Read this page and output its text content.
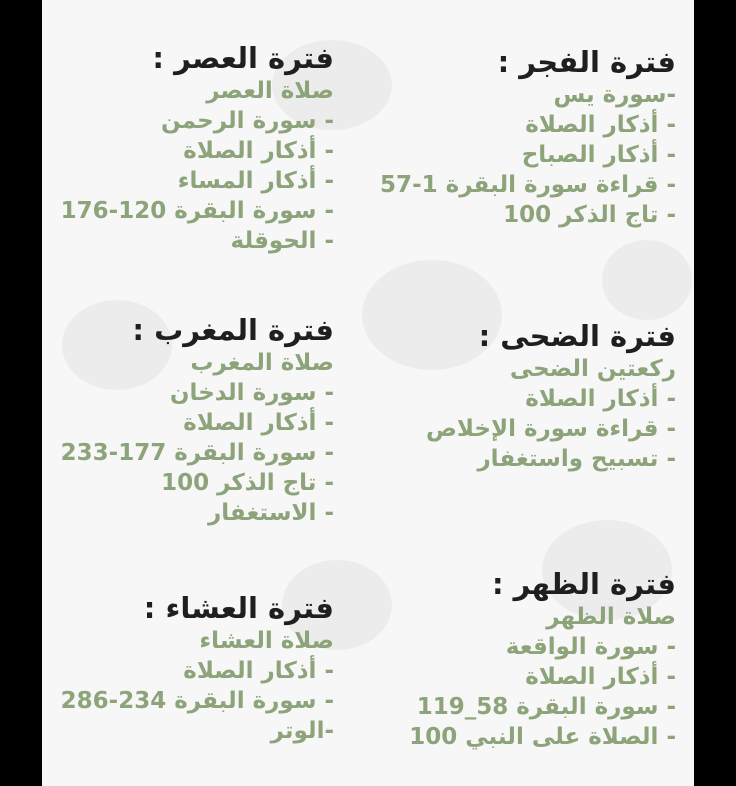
فترة الفجر :
-سورة يس
- أذكار الصلاة
- أذكار الصباح
- قراءة سورة البقرة 1-57
- تاج الذكر 100
فترة الضحى :
ركعتين الضحى
- أذكار الصلاة
- قراءة سورة الإخلاص
- تسبيح واستغفار
فترة الظهر :
صلاة الظهر
- سورة الواقعة
- أذكار الصلاة
- سورة البقرة 58_119
- الصلاة على النبي 100
فترة العصر :
صلاة العصر
- سورة الرحمن
- أذكار الصلاة
- أذكار المساء
- سورة البقرة 120-176
- الحوقلة
فترة المغرب :
صلاة المغرب
- سورة الدخان
- أذكار الصلاة
- سورة البقرة 177-233
- تاج الذكر 100
- الاستغفار
فترة العشاء :
صلاة العشاء
- أذكار الصلاة
- سورة البقرة 234-286
-الوتر
